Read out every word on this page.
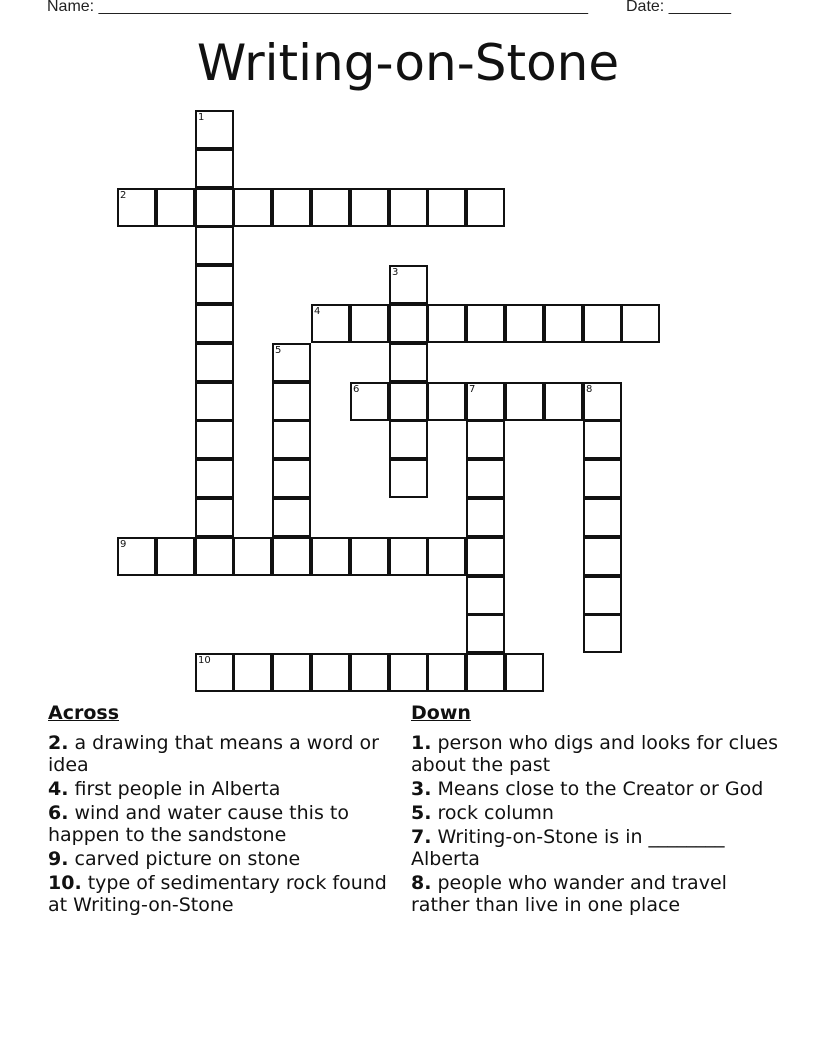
Name: _______________________________________________________ Date: _______
Writing-on-Stone
1
2
3
4
5
6	7	8
9
10
Across
2. a drawing that means a word or idea
4. first people in Alberta
6. wind and water cause this to happen to the sandstone
9. carved picture on stone
10. type of sedimentary rock found at Writing-on-Stone
Down
1. person who digs and looks for clues about the past
3. Means close to the Creator or God
5. rock column
7. Writing-on-Stone is in ________ Alberta
8. people who wander and travel rather than live in one place
